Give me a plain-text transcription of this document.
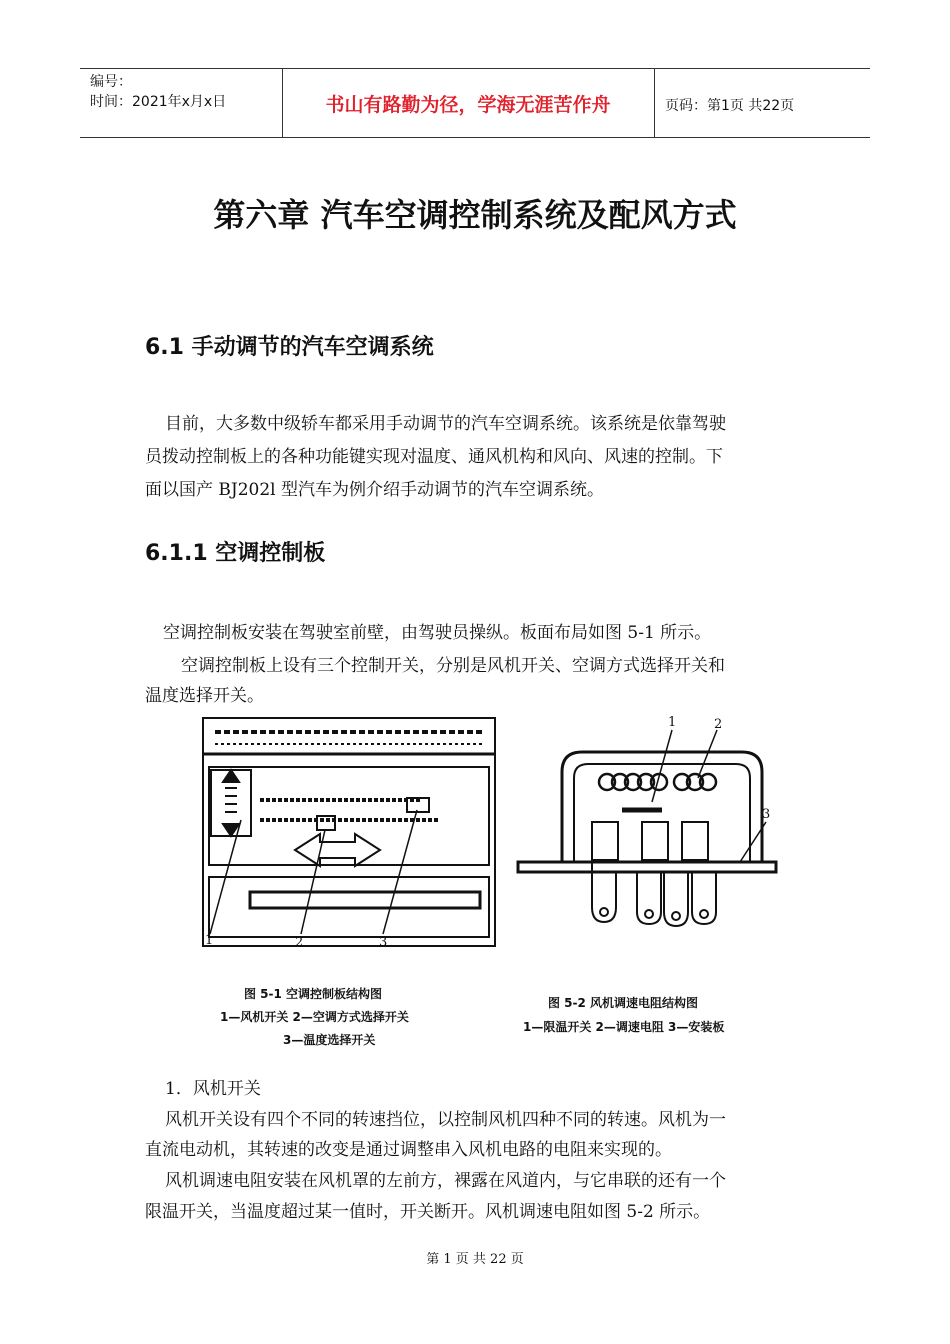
编号：
时间：2021年x月x日	书山有路勤为径，学海无涯苦作舟	页码：第1页 共22页
第六章 汽车空调控制系统及配风方式
6.1 手动调节的汽车空调系统

目前，大多数中级轿车都采用手动调节的汽车空调系统。该系统是依靠驾驶

员拨动控制板上的各种功能键实现对温度、通风机构和风向、风速的控制。下

面以国产 BJ202l 型汽车为例介绍手动调节的汽车空调系统。

6.1.1 空调控制板

空调控制板安装在驾驶室前壁，由驾驶员操纵。板面布局如图 5-1 所示。

空调控制板上设有三个控制开关，分别是风机开关、空调方式选择开关和

温度选择开关。

1	2	3
图 5-1 空调控制板结构图
1—风机开关 2—空调方式选择开关
3—温度选择开关
1	2
3
图 5-2 风机调速电阻结构图
1—限温开关 2—调速电阻 3—安装板

1．风机开关

风机开关设有四个不同的转速挡位，以控制风机四种不同的转速。风机为一

直流电动机，其转速的改变是通过调整串入风机电路的电阻来实现的。

风机调速电阻安装在风机罩的左前方，裸露在风道内，与它串联的还有一个

限温开关，当温度超过某一值时，开关断开。风机调速电阻如图 5-2 所示。

第 1 页 共 22 页
